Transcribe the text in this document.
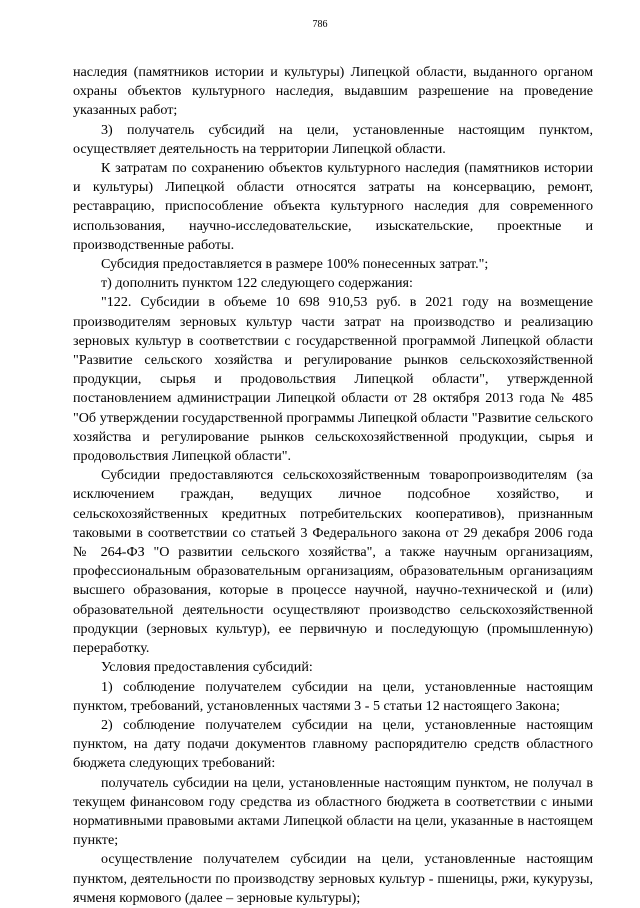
786

наследия (памятников истории и культуры) Липецкой области, выданного органом охраны объектов культурного наследия, выдавшим разрешение на проведение указанных работ;

3) получатель субсидий на цели, установленные настоящим пунктом, осуществляет деятельность на территории Липецкой области.

К затратам по сохранению объектов культурного наследия (памятников истории и культуры) Липецкой области относятся затраты на консервацию, ремонт, реставрацию, приспособление объекта культурного наследия для современного использования, научно-исследовательские, изыскательские, проектные и производственные работы.

Субсидия предоставляется в размере 100% понесенных затрат.";

т) дополнить пунктом 122 следующего содержания:

"122. Субсидии в объеме 10 698 910,53 руб. в 2021 году на возмещение производителям зерновых культур части затрат на производство и реализацию зерновых культур в соответствии с государственной программой Липецкой области "Развитие сельского хозяйства и регулирование рынков сельскохозяйственной продукции, сырья и продовольствия Липецкой области", утвержденной постановлением администрации Липецкой области от 28 октября 2013 года № 485 "Об утверждении государственной программы Липецкой области "Развитие сельского хозяйства и регулирование рынков сельскохозяйственной продукции, сырья и продовольствия Липецкой области".

Субсидии предоставляются сельскохозяйственным товаропроизводителям (за исключением граждан, ведущих личное подсобное хозяйство, и сельскохозяйственных кредитных потребительских кооперативов), признанным таковыми в соответствии со статьей 3 Федерального закона от 29 декабря 2006 года № 264-ФЗ "О развитии сельского хозяйства", а также научным организациям, профессиональным образовательным организациям, образовательным организациям высшего образования, которые в процессе научной, научно-технической и (или) образовательной деятельности осуществляют производство сельскохозяйственной продукции (зерновых культур), ее первичную и последующую (промышленную) переработку.

Условия предоставления субсидий:

1) соблюдение получателем субсидии на цели, установленные настоящим пунктом, требований, установленных частями 3 - 5 статьи 12 настоящего Закона;

2) соблюдение получателем субсидии на цели, установленные настоящим пунктом, на дату подачи документов главному распорядителю средств областного бюджета следующих требований:

получатель субсидии на цели, установленные настоящим пунктом, не получал в текущем финансовом году средства из областного бюджета в соответствии с иными нормативными правовыми актами Липецкой области на цели, указанные в настоящем пункте;

осуществление получателем субсидии на цели, установленные настоящим пунктом, деятельности по производству зерновых культур - пшеницы, ржи, кукурузы, ячменя кормового (далее – зерновые культуры);
